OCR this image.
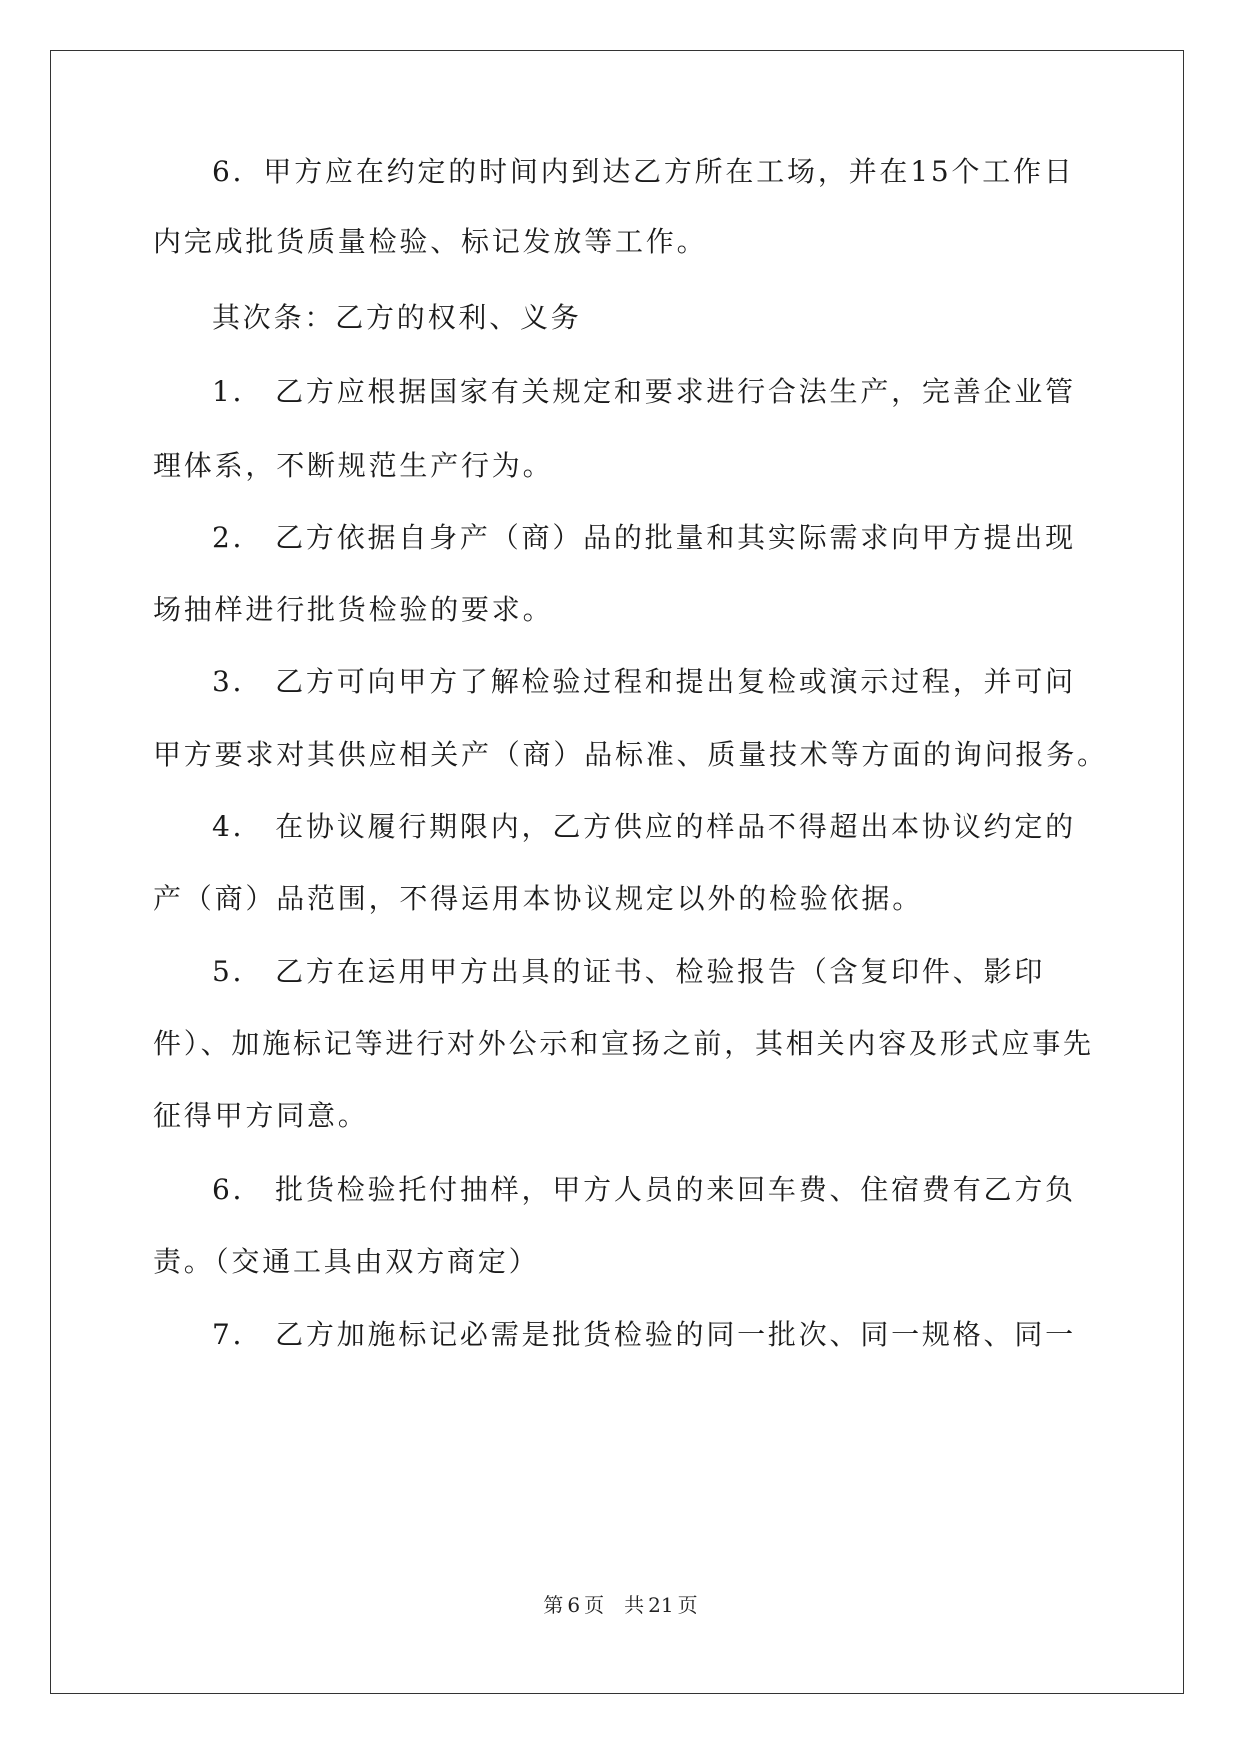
6．甲方应在约定的时间内到达乙方所在工场，并在15个工作日
内完成批货质量检验、标记发放等工作。
其次条：乙方的权利、义务
1． 乙方应根据国家有关规定和要求进行合法生产，完善企业管
理体系，不断规范生产行为。
2． 乙方依据自身产（商）品的批量和其实际需求向甲方提出现
场抽样进行批货检验的要求。
3． 乙方可向甲方了解检验过程和提出复检或演示过程，并可问
甲方要求对其供应相关产（商）品标准、质量技术等方面的询问报务。
4． 在协议履行期限内，乙方供应的样品不得超出本协议约定的
产（商）品范围，不得运用本协议规定以外的检验依据。
5． 乙方在运用甲方出具的证书、检验报告（含复印件、影印
件）、加施标记等进行对外公示和宣扬之前，其相关内容及形式应事先
征得甲方同意。
6． 批货检验托付抽样，甲方人员的来回车费、住宿费有乙方负
责。（交通工具由双方商定）
7． 乙方加施标记必需是批货检验的同一批次、同一规格、同一
第 6 页　共 21 页
